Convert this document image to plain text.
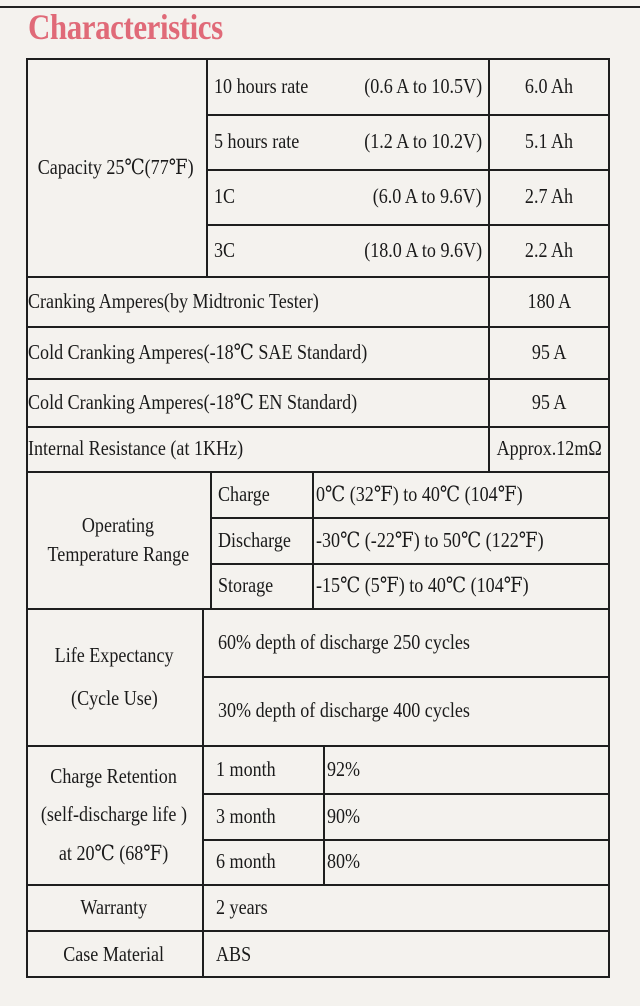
Characteristics
Capacity 25℃(77℉)
10 hours rate	(0.6 A to 10.5V) 6.0 Ah
5 hours rate	(1.2 A to 10.2V) 5.1 Ah
1C	(6.0 A to 9.6V) 2.7 Ah
3C	(18.0 A to 9.6V) 2.2 Ah
Cranking Amperes(by Midtronic Tester)	180 A
Cold Cranking Amperes(-18℃ SAE Standard)	95 A
Cold Cranking Amperes(-18℃ EN Standard)	95 A
Internal Resistance (at 1KHz)	Approx.12mΩ
Operating
Temperature Range
Charge 0℃ (32℉) to 40℃ (104℉)
Discharge -30℃ (-22℉) to 50℃ (122℉)
Storage -15℃ (5℉) to 40℃ (104℉)
Life Expectancy
(Cycle Use)
60% depth of discharge 250 cycles
30% depth of discharge 400 cycles
Charge Retention
(self-discharge life )
at 20℃ (68℉)
1 month 92%
3 month 90%
6 month 80%
Warranty	2 years
Case Material ABS
